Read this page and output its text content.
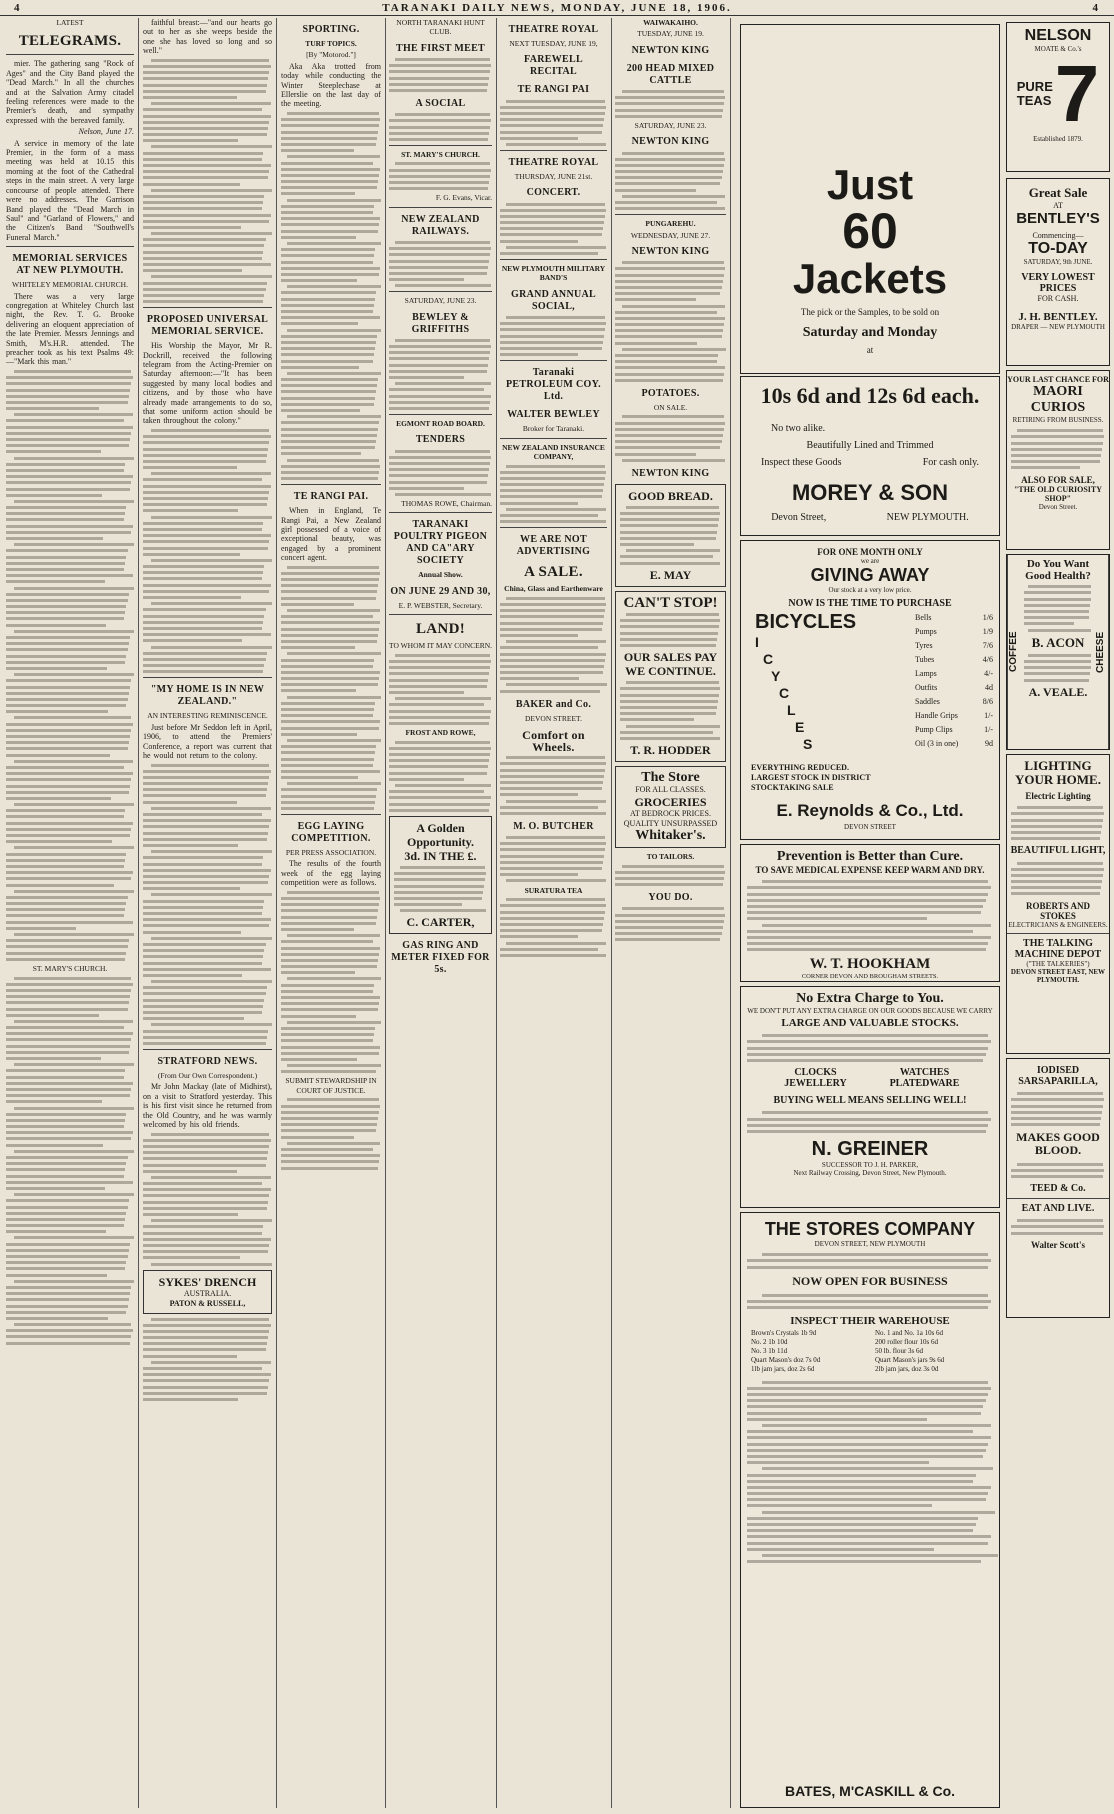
4	TARANAKI DAILY NEWS, MONDAY, JUNE 18, 1906.	4
LATEST
TELEGRAMS.

mier. The gathering sang "Rock of Ages" and the City Band played the "Dead March." In all the churches and at the Salvation Army citadel feeling references were made to the Premier's death, and sympathy expressed with the bereaved family.

Nelson, June 17.

A service in memory of the late Premier, in the form of a mass meeting was held at 10.15 this morning at the foot of the Cathedral steps in the main street. A very large concourse of people attended. There were no addresses. The Garrison Band played the "Dead March in Saul" and "Garland of Flowers," and the Citizen's Band "Southwell's Funeral March."

MEMORIAL SERVICES AT NEW PLYMOUTH.
WHITELEY MEMORIAL CHURCH.

There was a very large congregation at Whiteley Church last night, the Rev. T. G. Brooke delivering an eloquent appreciation of the late Premier. Messrs Jennings and Smith, M's.H.R. attended. The preacher took as his text Psalms 49:—"Mark this man."

ST. MARY'S CHURCH.

faithful breast:—"and our hearts go out to her as she weeps beside the one she has loved so long and so well."

PROPOSED UNIVERSAL MEMORIAL SERVICE.

His Worship the Mayor, Mr R. Dockrill, received the following telegram from the Acting-Premier on Saturday afternoon:—"It has been suggested by many local bodies and citizens, and by those who have already made arrangements to do so, that some uniform action should be taken throughout the colony."

"MY HOME IS IN NEW ZEALAND."
AN INTERESTING REMINISCENCE.

Just before Mr Seddon left in April, 1906, to attend the Premiers' Conference, a report was current that he would not return to the colony.

STRATFORD NEWS.
(From Our Own Correspondent.)

Mr John Mackay (late of Midhirst), on a visit to Stratford yesterday. This is his first visit since he returned from the Old Country, and he was warmly welcomed by his old friends.

SYKES' DRENCH
AUSTRALIA.
PATON & RUSSELL,
SPORTING.
TURF TOPICS.
[By "Motorod."]

Aka Aka trotted from today while conducting the Winter Steeplechase at Ellerslie on the last day of the meeting.

TE RANGI PAI.

When in England, Te Rangi Pai, a New Zealand girl possessed of a voice of exceptional beauty, was engaged by a prominent concert agent.

EGG LAYING COMPETITION.
PER PRESS ASSOCIATION.

The results of the fourth week of the egg laying competition were as follows.

SUBMIT STEWARDSHIP IN COURT OF JUSTICE.
NORTH TARANAKI HUNT CLUB.
THE FIRST MEET
A SOCIAL
ST. MARY'S CHURCH.
F. G. Evans, Vicar.
NEW ZEALAND RAILWAYS.
SATURDAY, JUNE 23.
BEWLEY & GRIFFITHS
EGMONT ROAD BOARD.
TENDERS
THOMAS ROWE, Chairman.
TARANAKI POULTRY PIGEON AND CA"ARY SOCIETY
Annual Show.
ON JUNE 29 AND 30,
E. P. WEBSTER, Secretary.
LAND!
TO WHOM IT MAY CONCERN.
FROST AND ROWE,
A Golden Opportunity.
3d. IN THE £.
C. CARTER,
GAS RING AND METER FIXED FOR 5s.
THEATRE ROYAL
NEXT TUESDAY, JUNE 19,
FAREWELL RECITAL
TE RANGI PAI
THEATRE ROYAL
THURSDAY, JUNE 21st.
CONCERT.
NEW PLYMOUTH MILITARY BAND'S
GRAND ANNUAL SOCIAL,
Taranaki PETROLEUM COY. Ltd.
WALTER BEWLEY
Broker for Taranaki.
NEW ZEALAND INSURANCE COMPANY,
WE ARE NOT ADVERTISING
A SALE.
China, Glass and Earthenware
BAKER and Co.
DEVON STREET.
Comfort on Wheels.
M. O. BUTCHER
SURATURA TEA
WAIWAKAIHO.
TUESDAY, JUNE 19.
NEWTON KING
200 HEAD MIXED CATTLE
SATURDAY, JUNE 23.
NEWTON KING
PUNGAREHU.
WEDNESDAY, JUNE 27.
NEWTON KING
POTATOES.
ON SALE.
NEWTON KING
GOOD BREAD.
E. MAY
CAN'T STOP!
OUR SALES PAY
WE CONTINUE.
T. R. HODDER
The Store
FOR ALL CLASSES.
GROCERIES
AT BEDROCK PRICES.
QUALITY UNSURPASSED
Whitaker's.
TO TAILORS.
YOU DO.
NELSON
MOATE & Co.'s
PURE TEAS 7
Established 1879.
Just
60
Jackets
The pick or the Samples, to be sold on
Saturday and Monday
at
10s 6d and 12s 6d each.
No two alike.
Beautifully Lined and Trimmed
Inspect these Goods	For cash only.
MOREY & SON
Devon Street,	NEW PLYMOUTH.
Great Sale
AT
BENTLEY'S
Commencing—
TO-DAY
SATURDAY, 9th JUNE.
VERY LOWEST PRICES
FOR CASH.
J. H. BENTLEY.
DRAPER — NEW PLYMOUTH
YOUR LAST CHANCE FOR
MAORI CURIOS
RETIRING FROM BUSINESS.
ALSO FOR SALE,
"THE OLD CURIOSITY SHOP"
Devon Street.
COFFEE
Do You Want Good Health?
B. ACON
A. VEALE.
CHEESE
LIGHTING YOUR HOME.
Electric Lighting
BEAUTIFUL LIGHT,
ROBERTS AND STOKES
ELECTRICIANS & ENGINEERS.
THE TALKING MACHINE DEPOT
("THE TALKERIES")
DEVON STREET EAST, NEW PLYMOUTH.
IODISED SARSAPARILLA,
MAKES GOOD BLOOD.
TEED & Co.
EAT AND LIVE.
Walter Scott's
FOR ONE MONTH ONLY
we are
GIVING AWAY
Our stock at a very low price.
NOW IS THE TIME TO PURCHASE
BICYCLES
I
C
Y
C
L
E
S
Bells	1/6
Pumps	1/9
Tyres	7/6
Tubes	4/6
Lamps	4/-
Outfits	4d
Saddles	8/6
Handle Grips	1/-
Pump Clips	1/-
Oil (3 in one)	9d
EVERYTHING REDUCED.
LARGEST STOCK IN DISTRICT
STOCKTAKING SALE
E. Reynolds & Co., Ltd.
DEVON STREET
Prevention is Better than Cure.
TO SAVE MEDICAL EXPENSE KEEP WARM AND DRY.
W. T. HOOKHAM
CORNER DEVON AND BROUGHAM STREETS.
No Extra Charge to You.
WE DON'T PUT ANY EXTRA CHARGE ON OUR GOODS BECAUSE WE CARRY
LARGE AND VALUABLE STOCKS.
CLOCKS	WATCHES
JEWELLERY	PLATEDWARE
BUYING WELL MEANS SELLING WELL!
N. GREINER
SUCCESSOR TO J. H. PARKER,
Next Railway Crossing, Devon Street, New Plymouth.
THE STORES COMPANY
DEVON STREET, NEW PLYMOUTH
NOW OPEN FOR BUSINESS
INSPECT THEIR WAREHOUSE
Brown's Crystals 1b 9d	No. 1 and No. 1a 10s 6d
No. 2 1b 10d	200 roller flour 10s 6d
No. 3 1b 11d	50 lb. flour 3s 6d
Quart Mason's doz 7s 0d	Quart Mason's jars 9s 6d
1lb jam jars, doz 2s 6d	2lb jam jars, doz 3s 0d
BATES, M'CASKILL & Co.
